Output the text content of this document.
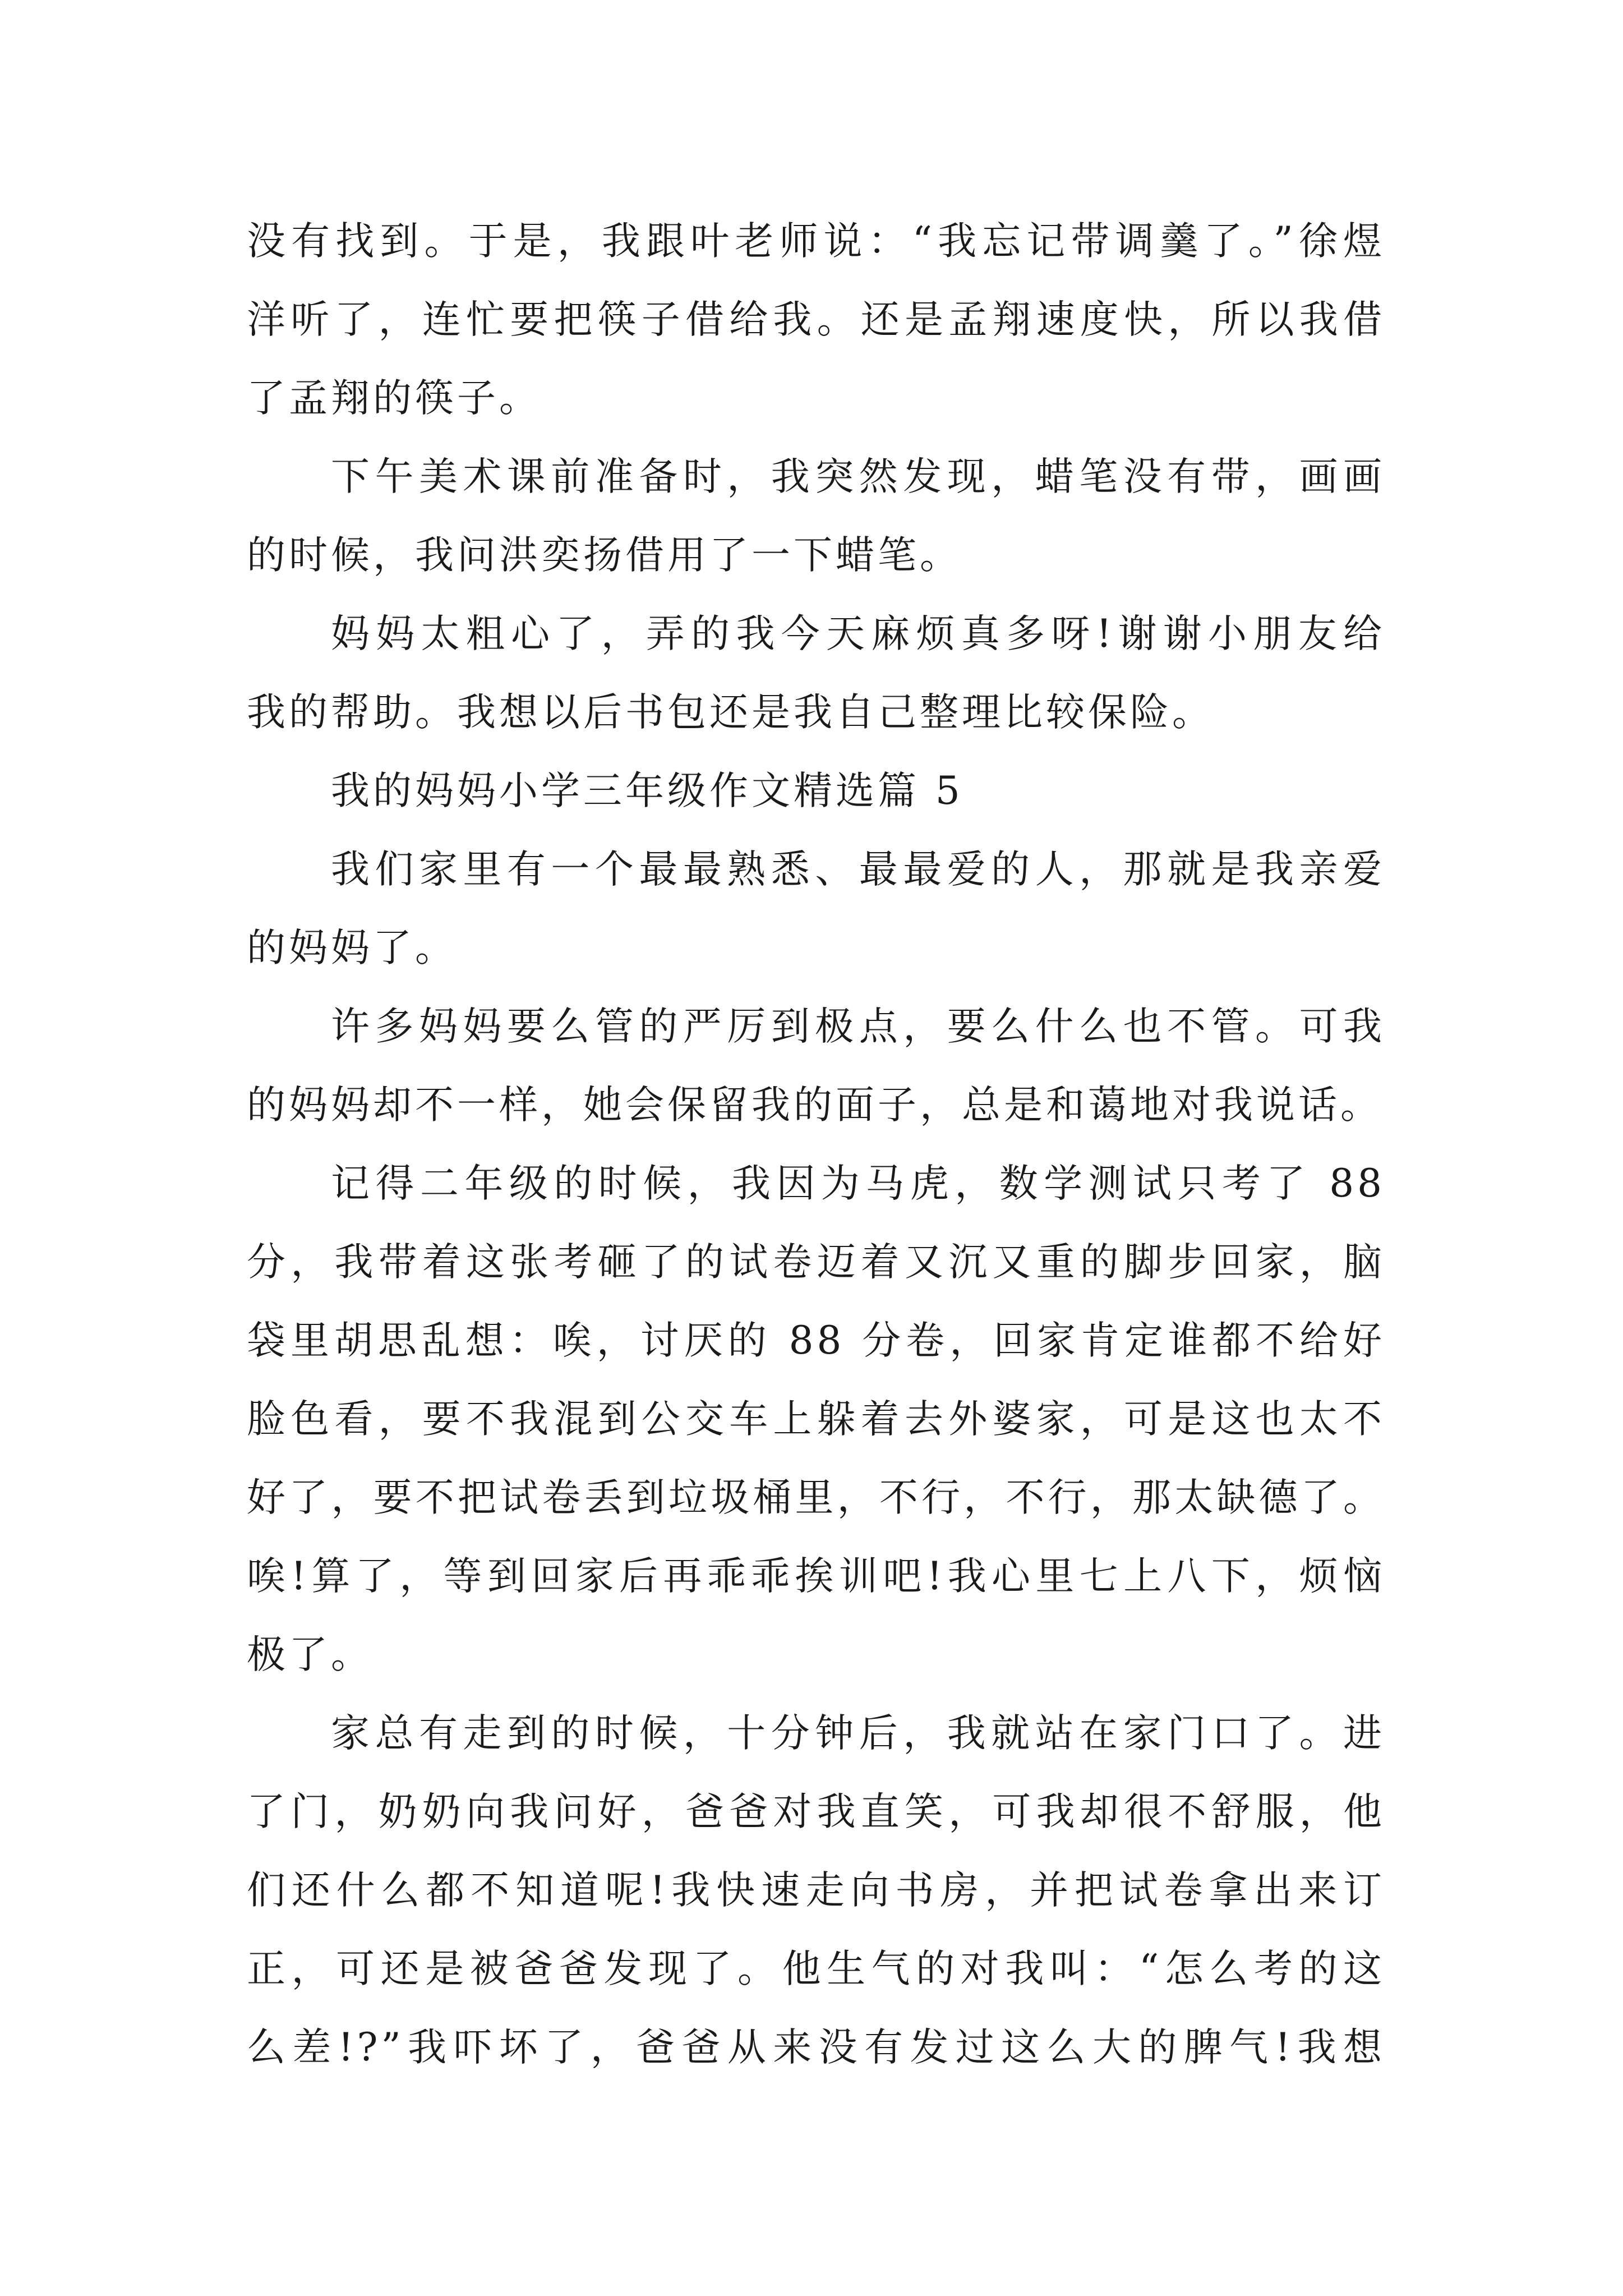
没有找到。于是，我跟叶老师说：“我忘记带调羹了。”徐煜
洋听了，连忙要把筷子借给我。还是孟翔速度快，所以我借
了孟翔的筷子。
下午美术课前准备时，我突然发现，蜡笔没有带，画画
的时候，我问洪奕扬借用了一下蜡笔。
妈妈太粗心了，弄的我今天麻烦真多呀!谢谢小朋友给
我的帮助。我想以后书包还是我自己整理比较保险。
我的妈妈小学三年级作文精选篇 5
我们家里有一个最最熟悉、最最爱的人，那就是我亲爱
的妈妈了。
许多妈妈要么管的严厉到极点，要么什么也不管。可我
的妈妈却不一样，她会保留我的面子，总是和蔼地对我说话。
记得二年级的时候，我因为马虎，数学测试只考了 88
分，我带着这张考砸了的试卷迈着又沉又重的脚步回家，脑
袋里胡思乱想：唉，讨厌的 88 分卷，回家肯定谁都不给好
脸色看，要不我混到公交车上躲着去外婆家，可是这也太不
好了，要不把试卷丢到垃圾桶里，不行，不行，那太缺德了。
唉!算了，等到回家后再乖乖挨训吧!我心里七上八下，烦恼
极了。
家总有走到的时候，十分钟后，我就站在家门口了。进
了门，奶奶向我问好，爸爸对我直笑，可我却很不舒服，他
们还什么都不知道呢!我快速走向书房，并把试卷拿出来订
正，可还是被爸爸发现了。他生气的对我叫：“怎么考的这
么差!?”我吓坏了，爸爸从来没有发过这么大的脾气!我想
